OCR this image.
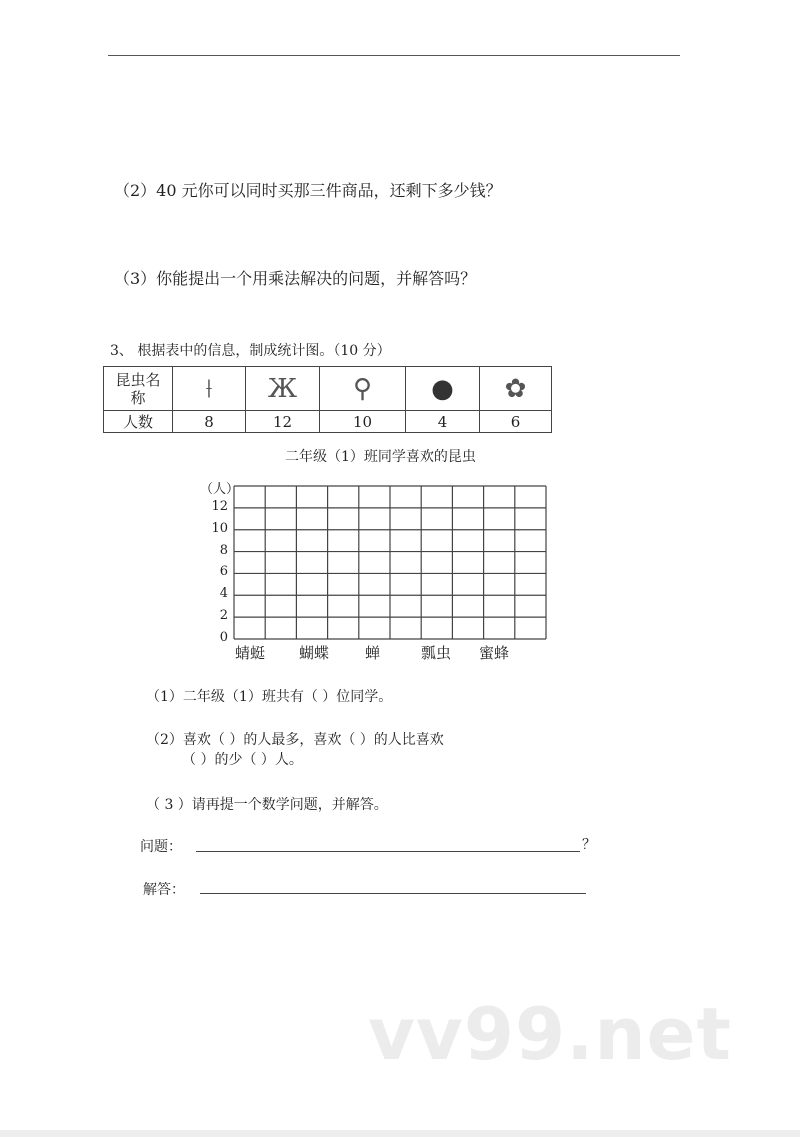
（2）40 元你可以同时买那三件商品，还剩下多少钱？
（3）你能提出一个用乘法解决的问题，并解答吗？
3、 根据表中的信息，制成统计图。（10 分）
昆虫名
称	⟊	Ж	⚲	●	✿
人数	8	12	10	4	6
二年级（1）班同学喜欢的昆虫
（人）
12
10
8
6
4
2
0
蜻蜓 蝴蝶 蝉	瓢虫 蜜蜂
（1）二年级（1）班共有（ ）位同学。
（2）喜欢（ ）的人最多，喜欢（ ）的人比喜欢
（ ）的少（ ）人。
（ 3 ）请再提一个数学问题，并解答。
问题：	？
解答：
vv99.net
